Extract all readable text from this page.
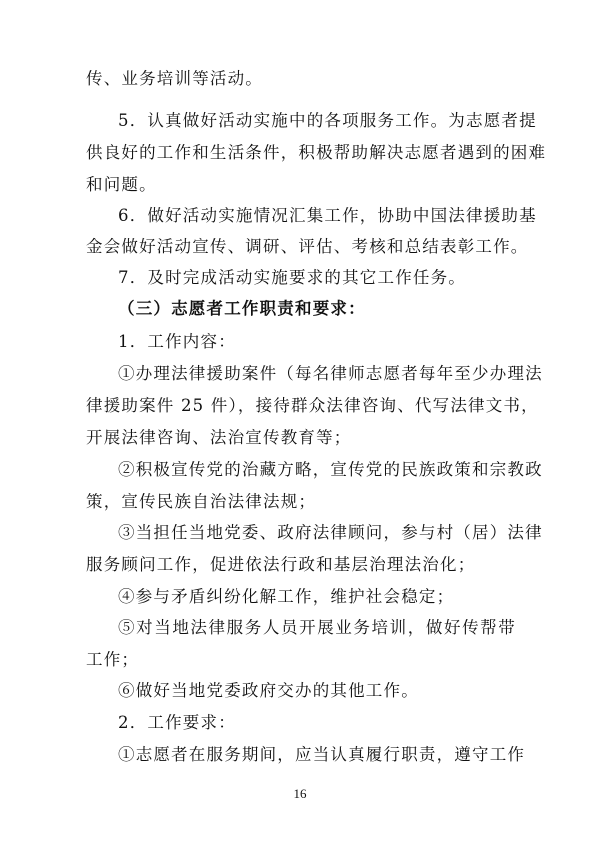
传、业务培训等活动。
5．认真做好活动实施中的各项服务工作。为志愿者提
供良好的工作和生活条件，积极帮助解决志愿者遇到的困难
和问题。
6．做好活动实施情况汇集工作，协助中国法律援助基
金会做好活动宣传、调研、评估、考核和总结表彰工作。
7．及时完成活动实施要求的其它工作任务。
（三）志愿者工作职责和要求：
1．工作内容：
①办理法律援助案件（每名律师志愿者每年至少办理法
律援助案件 25 件），接待群众法律咨询、代写法律文书，
开展法律咨询、法治宣传教育等；
②积极宣传党的治藏方略，宣传党的民族政策和宗教政
策，宣传民族自治法律法规；
③当担任当地党委、政府法律顾问，参与村（居）法律
服务顾问工作，促进依法行政和基层治理法治化；
④参与矛盾纠纷化解工作，维护社会稳定；
⑤对当地法律服务人员开展业务培训，做好传帮带
工作；
⑥做好当地党委政府交办的其他工作。
2．工作要求：
①志愿者在服务期间，应当认真履行职责，遵守工作
16
